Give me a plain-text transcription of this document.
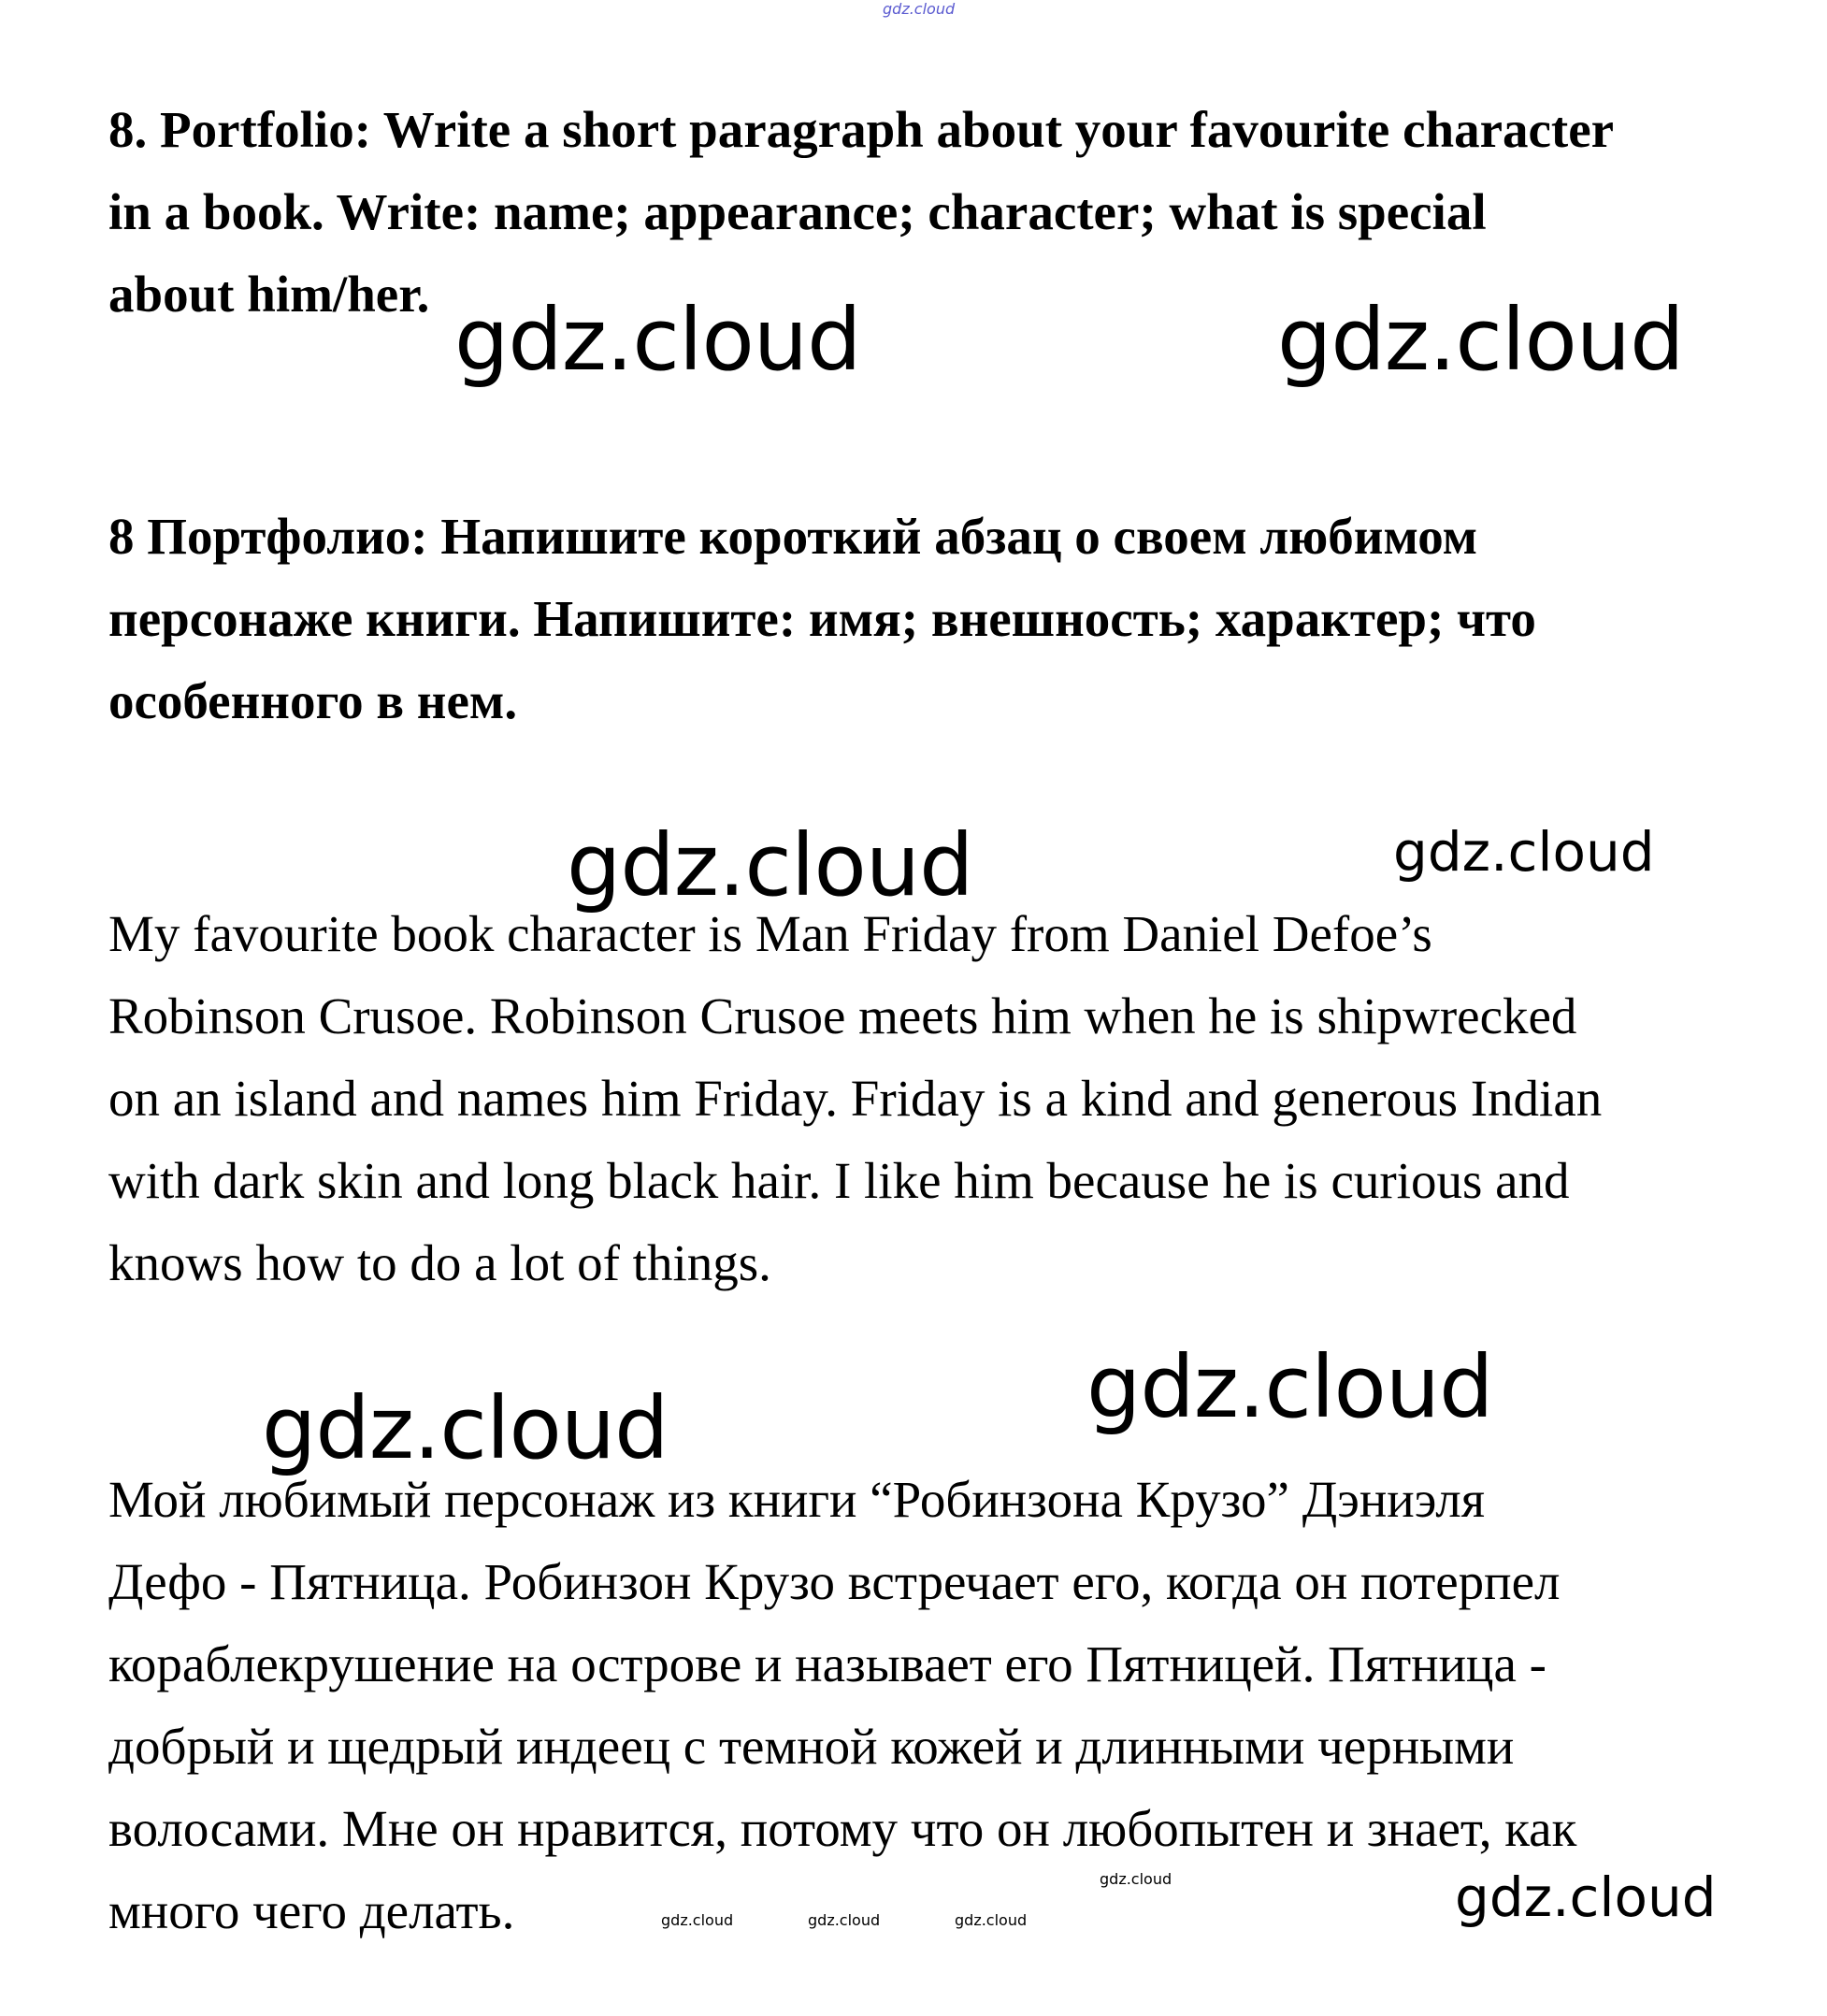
gdz.cloud
8. Portfolio: Write a short paragraph about your favourite character
in a book. Write: name; appearance; character; what is special
about him/her. gdz.cloud	gdz.cloud
8 Портфолио: Напишите короткий абзац о своем любимом
персонаже книги. Напишите: имя; внешность; характер; что
особенного в нем.
gdz.cloud	gdz.cloud
My favourite book character is Man Friday from Daniel Defoe’s
Robinson Crusoe. Robinson Crusoe meets him when he is shipwrecked
on an island and names him Friday. Friday is a kind and generous Indian
with dark skin and long black hair. I like him because he is curious and
knows how to do a lot of things.
gdz.cloud
gdz.cloud
Мой любимый персонаж из книги “Робинзона Крузо” Дэниэля
Дефо - Пятница. Робинзон Крузо встречает его, когда он потерпел
кораблекрушение на острове и называет его Пятницей. Пятница -
добрый и щедрый индеец с темной кожей и длинными черными
волосами. Мне он нравится, потому что он любопытен и знает, как
много чего делать.
gdz.cloud
gdz.cloud	gdz.cloud	gdz.cloud	gdz.cloud
